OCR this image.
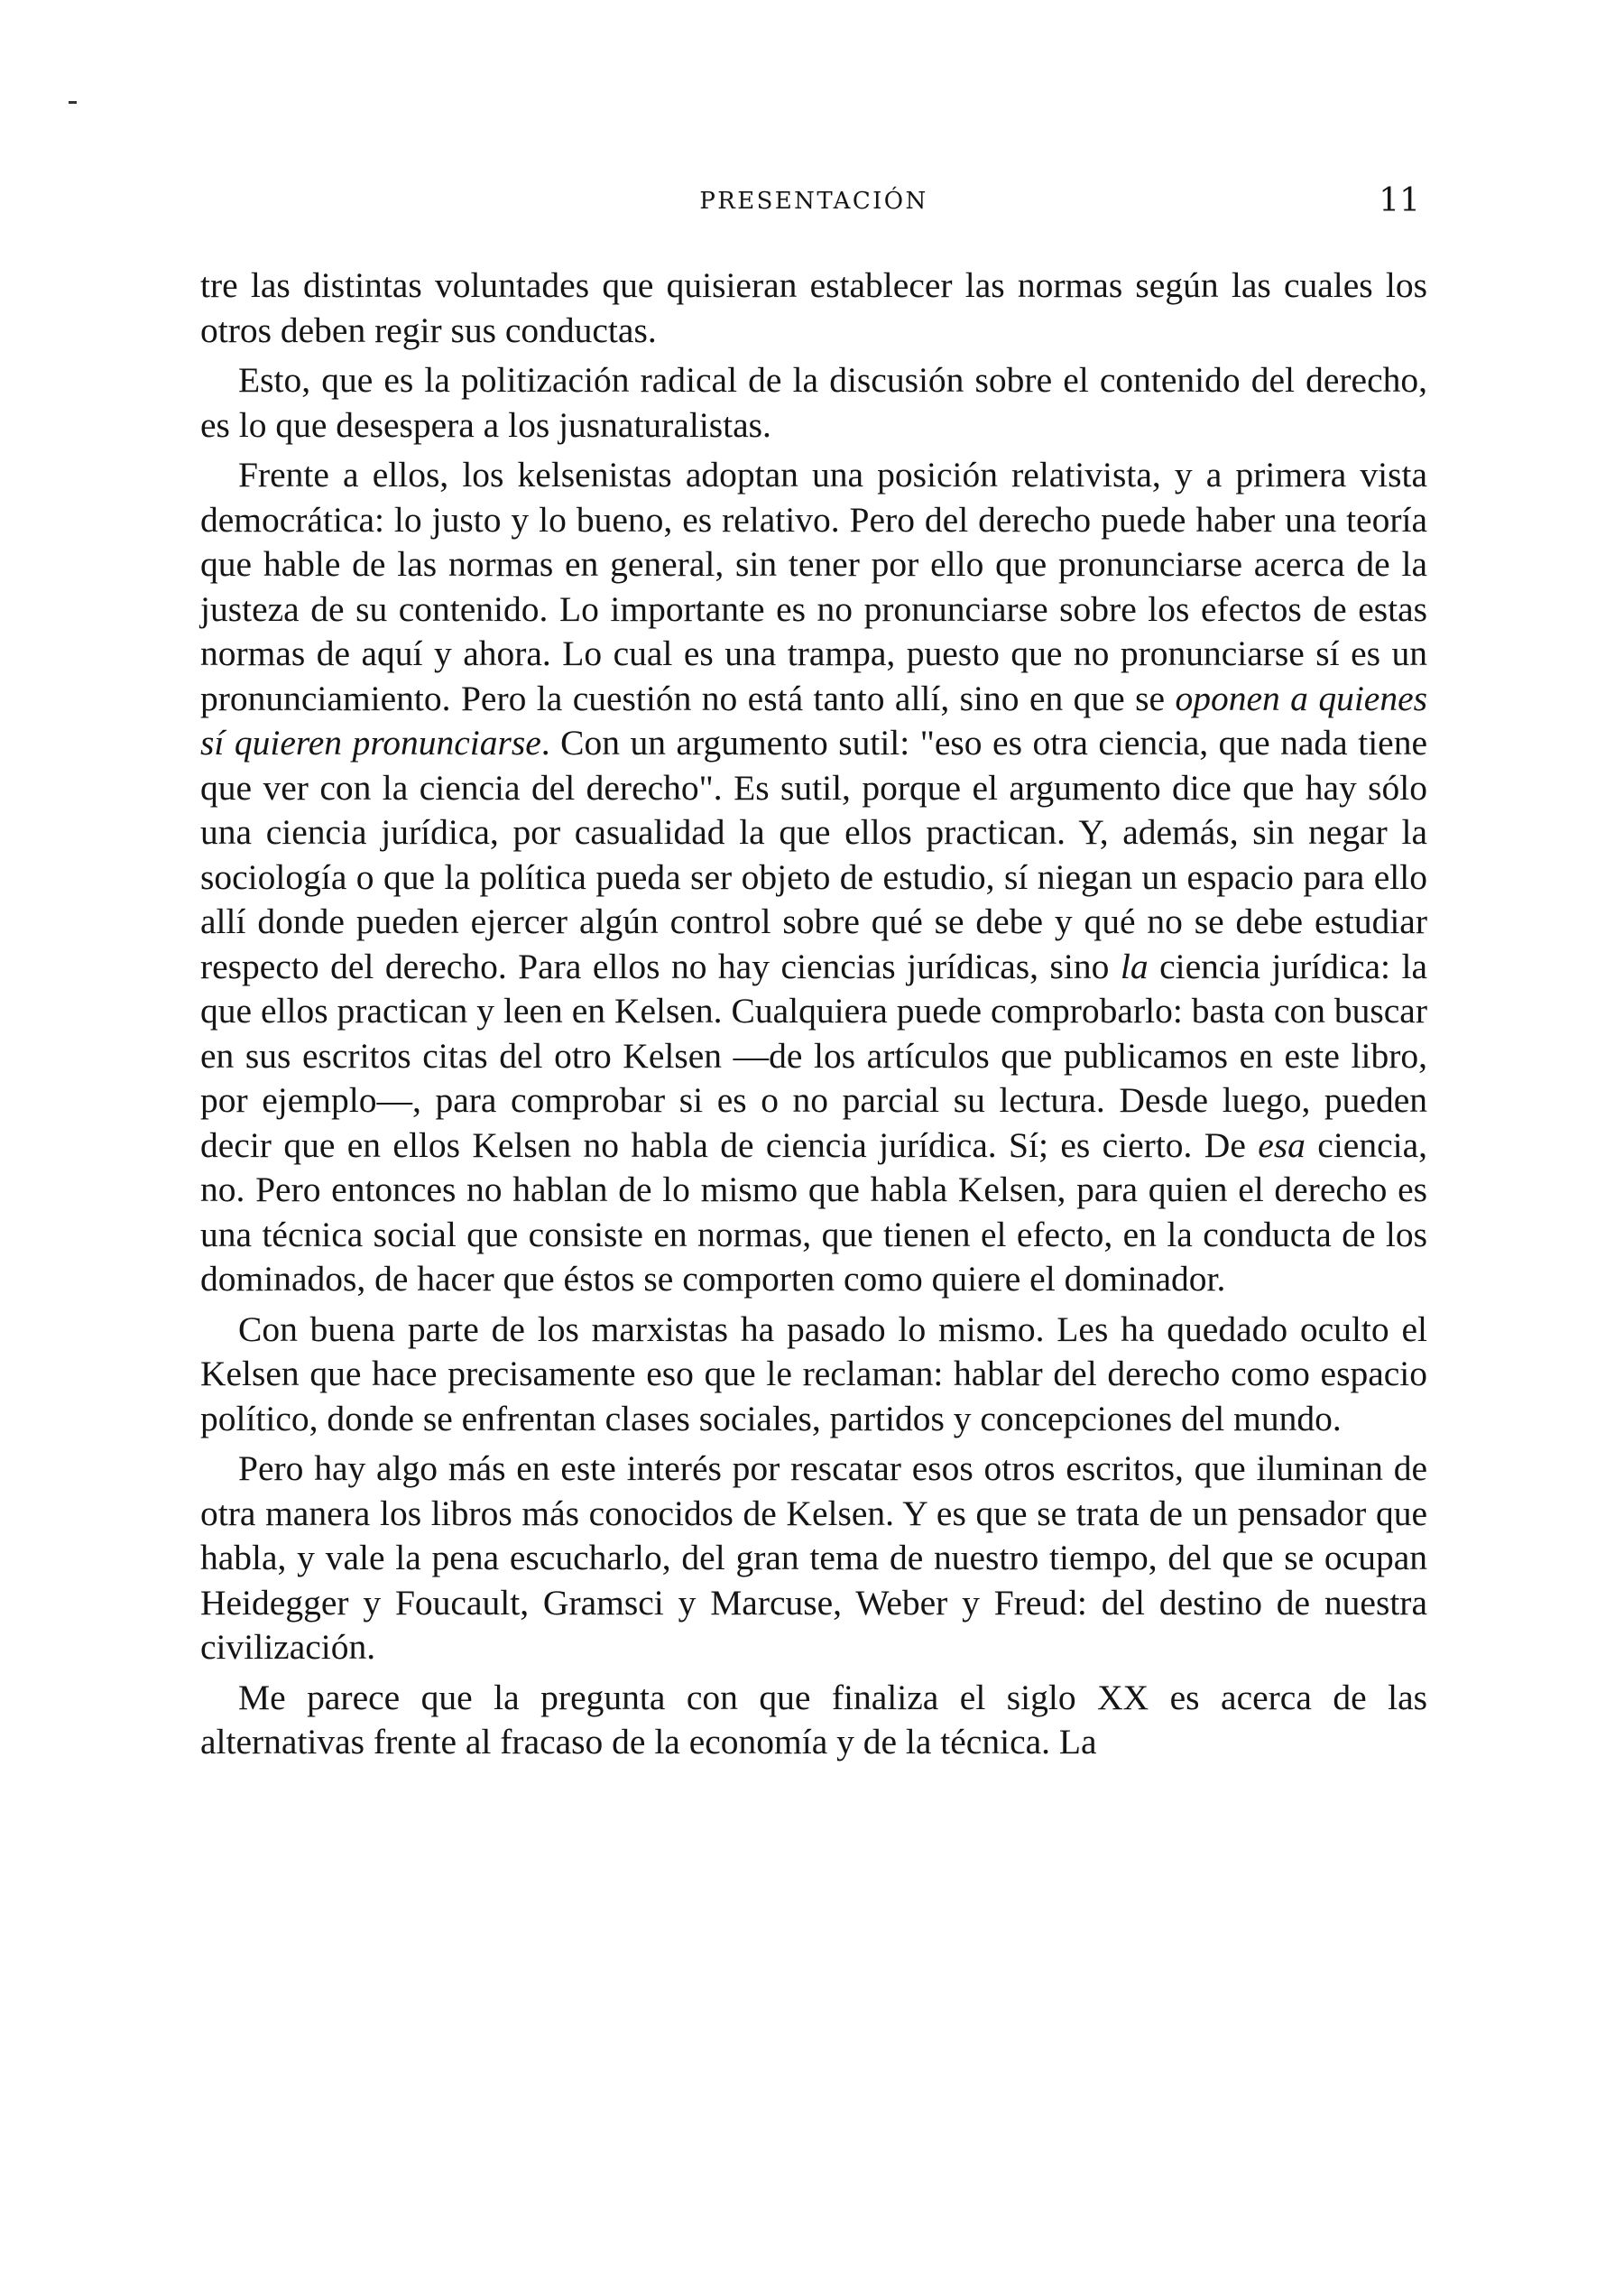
PRESENTACIÓN	11

tre las distintas voluntades que quisieran establecer las normas según las cuales los otros deben regir sus conductas.

Esto, que es la politización radical de la discusión sobre el contenido del derecho, es lo que desespera a los jusnaturalistas.

Frente a ellos, los kelsenistas adoptan una posición relativista, y a primera vista democrática: lo justo y lo bueno, es relativo. Pero del derecho puede haber una teoría que hable de las normas en general, sin tener por ello que pronunciarse acerca de la justeza de su contenido. Lo importante es no pronunciarse sobre los efectos de estas normas de aquí y ahora. Lo cual es una trampa, puesto que no pronunciarse sí es un pronunciamiento. Pero la cuestión no está tanto allí, sino en que se oponen a quienes sí quieren pronunciarse. Con un argumento sutil: "eso es otra ciencia, que nada tiene que ver con la ciencia del derecho". Es sutil, porque el argumento dice que hay sólo una ciencia jurídica, por casualidad la que ellos practican. Y, además, sin negar la sociología o que la política pueda ser objeto de estudio, sí niegan un espacio para ello allí donde pueden ejercer algún control sobre qué se debe y qué no se debe estudiar respecto del derecho. Para ellos no hay ciencias jurídicas, sino la ciencia jurídica: la que ellos practican y leen en Kelsen. Cualquiera puede comprobarlo: basta con buscar en sus escritos citas del otro Kelsen —de los artículos que publicamos en este libro, por ejemplo—, para comprobar si es o no parcial su lectura. Desde luego, pueden decir que en ellos Kelsen no habla de ciencia jurídica. Sí; es cierto. De esa ciencia, no. Pero entonces no hablan de lo mismo que habla Kelsen, para quien el derecho es una técnica social que consiste en normas, que tienen el efecto, en la conducta de los dominados, de hacer que éstos se comporten como quiere el dominador.

Con buena parte de los marxistas ha pasado lo mismo. Les ha quedado oculto el Kelsen que hace precisamente eso que le reclaman: hablar del derecho como espacio político, donde se enfrentan clases sociales, partidos y concepciones del mundo.

Pero hay algo más en este interés por rescatar esos otros escritos, que iluminan de otra manera los libros más conocidos de Kelsen. Y es que se trata de un pensador que habla, y vale la pena escucharlo, del gran tema de nuestro tiempo, del que se ocupan Heidegger y Foucault, Gramsci y Marcuse, Weber y Freud: del destino de nuestra civilización.

Me parece que la pregunta con que finaliza el siglo XX es acerca de las alternativas frente al fracaso de la economía y de la técnica. La
